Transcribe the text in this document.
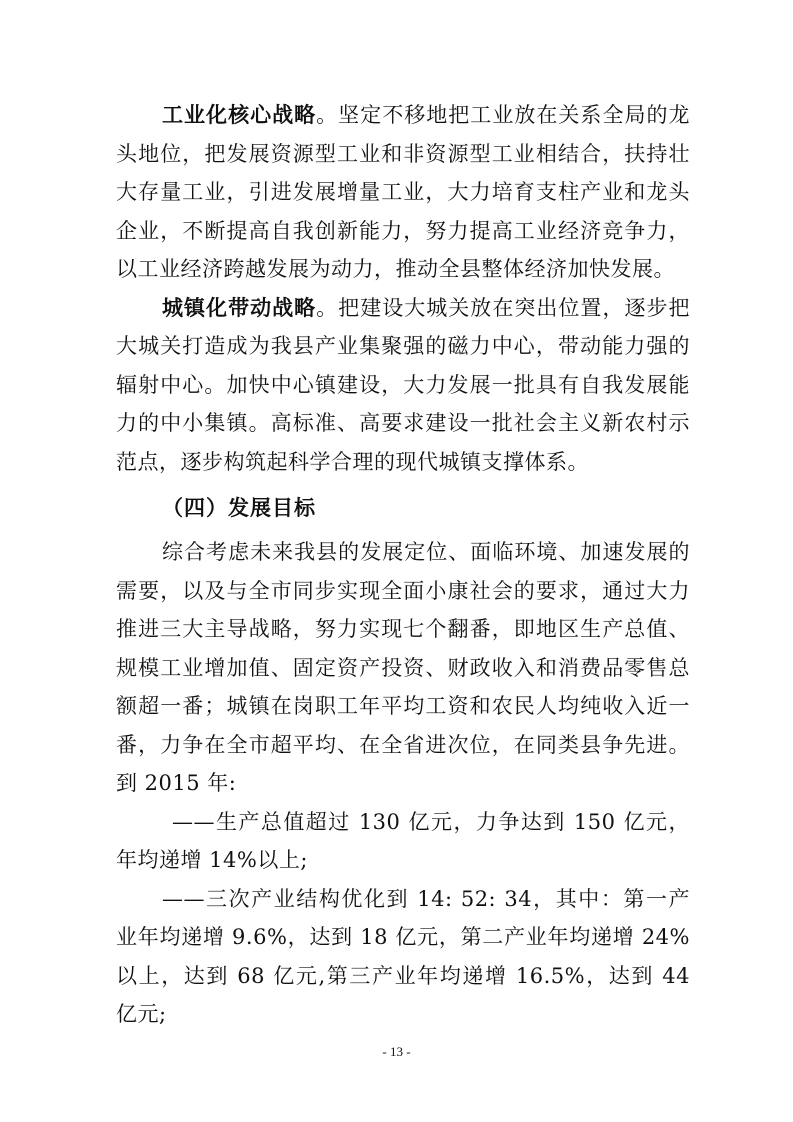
工业化核心战略。坚定不移地把工业放在关系全局的龙头地位，把发展资源型工业和非资源型工业相结合，扶持壮大存量工业，引进发展增量工业，大力培育支柱产业和龙头企业，不断提高自我创新能力，努力提高工业经济竞争力，以工业经济跨越发展为动力，推动全县整体经济加快发展。

城镇化带动战略。把建设大城关放在突出位置，逐步把大城关打造成为我县产业集聚强的磁力中心，带动能力强的辐射中心。加快中心镇建设，大力发展一批具有自我发展能力的中小集镇。高标准、高要求建设一批社会主义新农村示范点，逐步构筑起科学合理的现代城镇支撑体系。

（四）发展目标

综合考虑未来我县的发展定位、面临环境、加速发展的需要，以及与全市同步实现全面小康社会的要求，通过大力推进三大主导战略，努力实现七个翻番，即地区生产总值、规模工业增加值、固定资产投资、财政收入和消费品零售总额超一番；城镇在岗职工年平均工资和农民人均纯收入近一番，力争在全市超平均、在全省进次位，在同类县争先进。到 2015 年:

——生产总值超过 130 亿元，力争达到 150 亿元，年均递增 14%以上;

——三次产业结构优化到 14: 52: 34，其中：第一产业年均递增 9.6%，达到 18 亿元，第二产业年均递增 24%以上，达到 68 亿元,第三产业年均递增 16.5%，达到 44 亿元;

- 13 -
